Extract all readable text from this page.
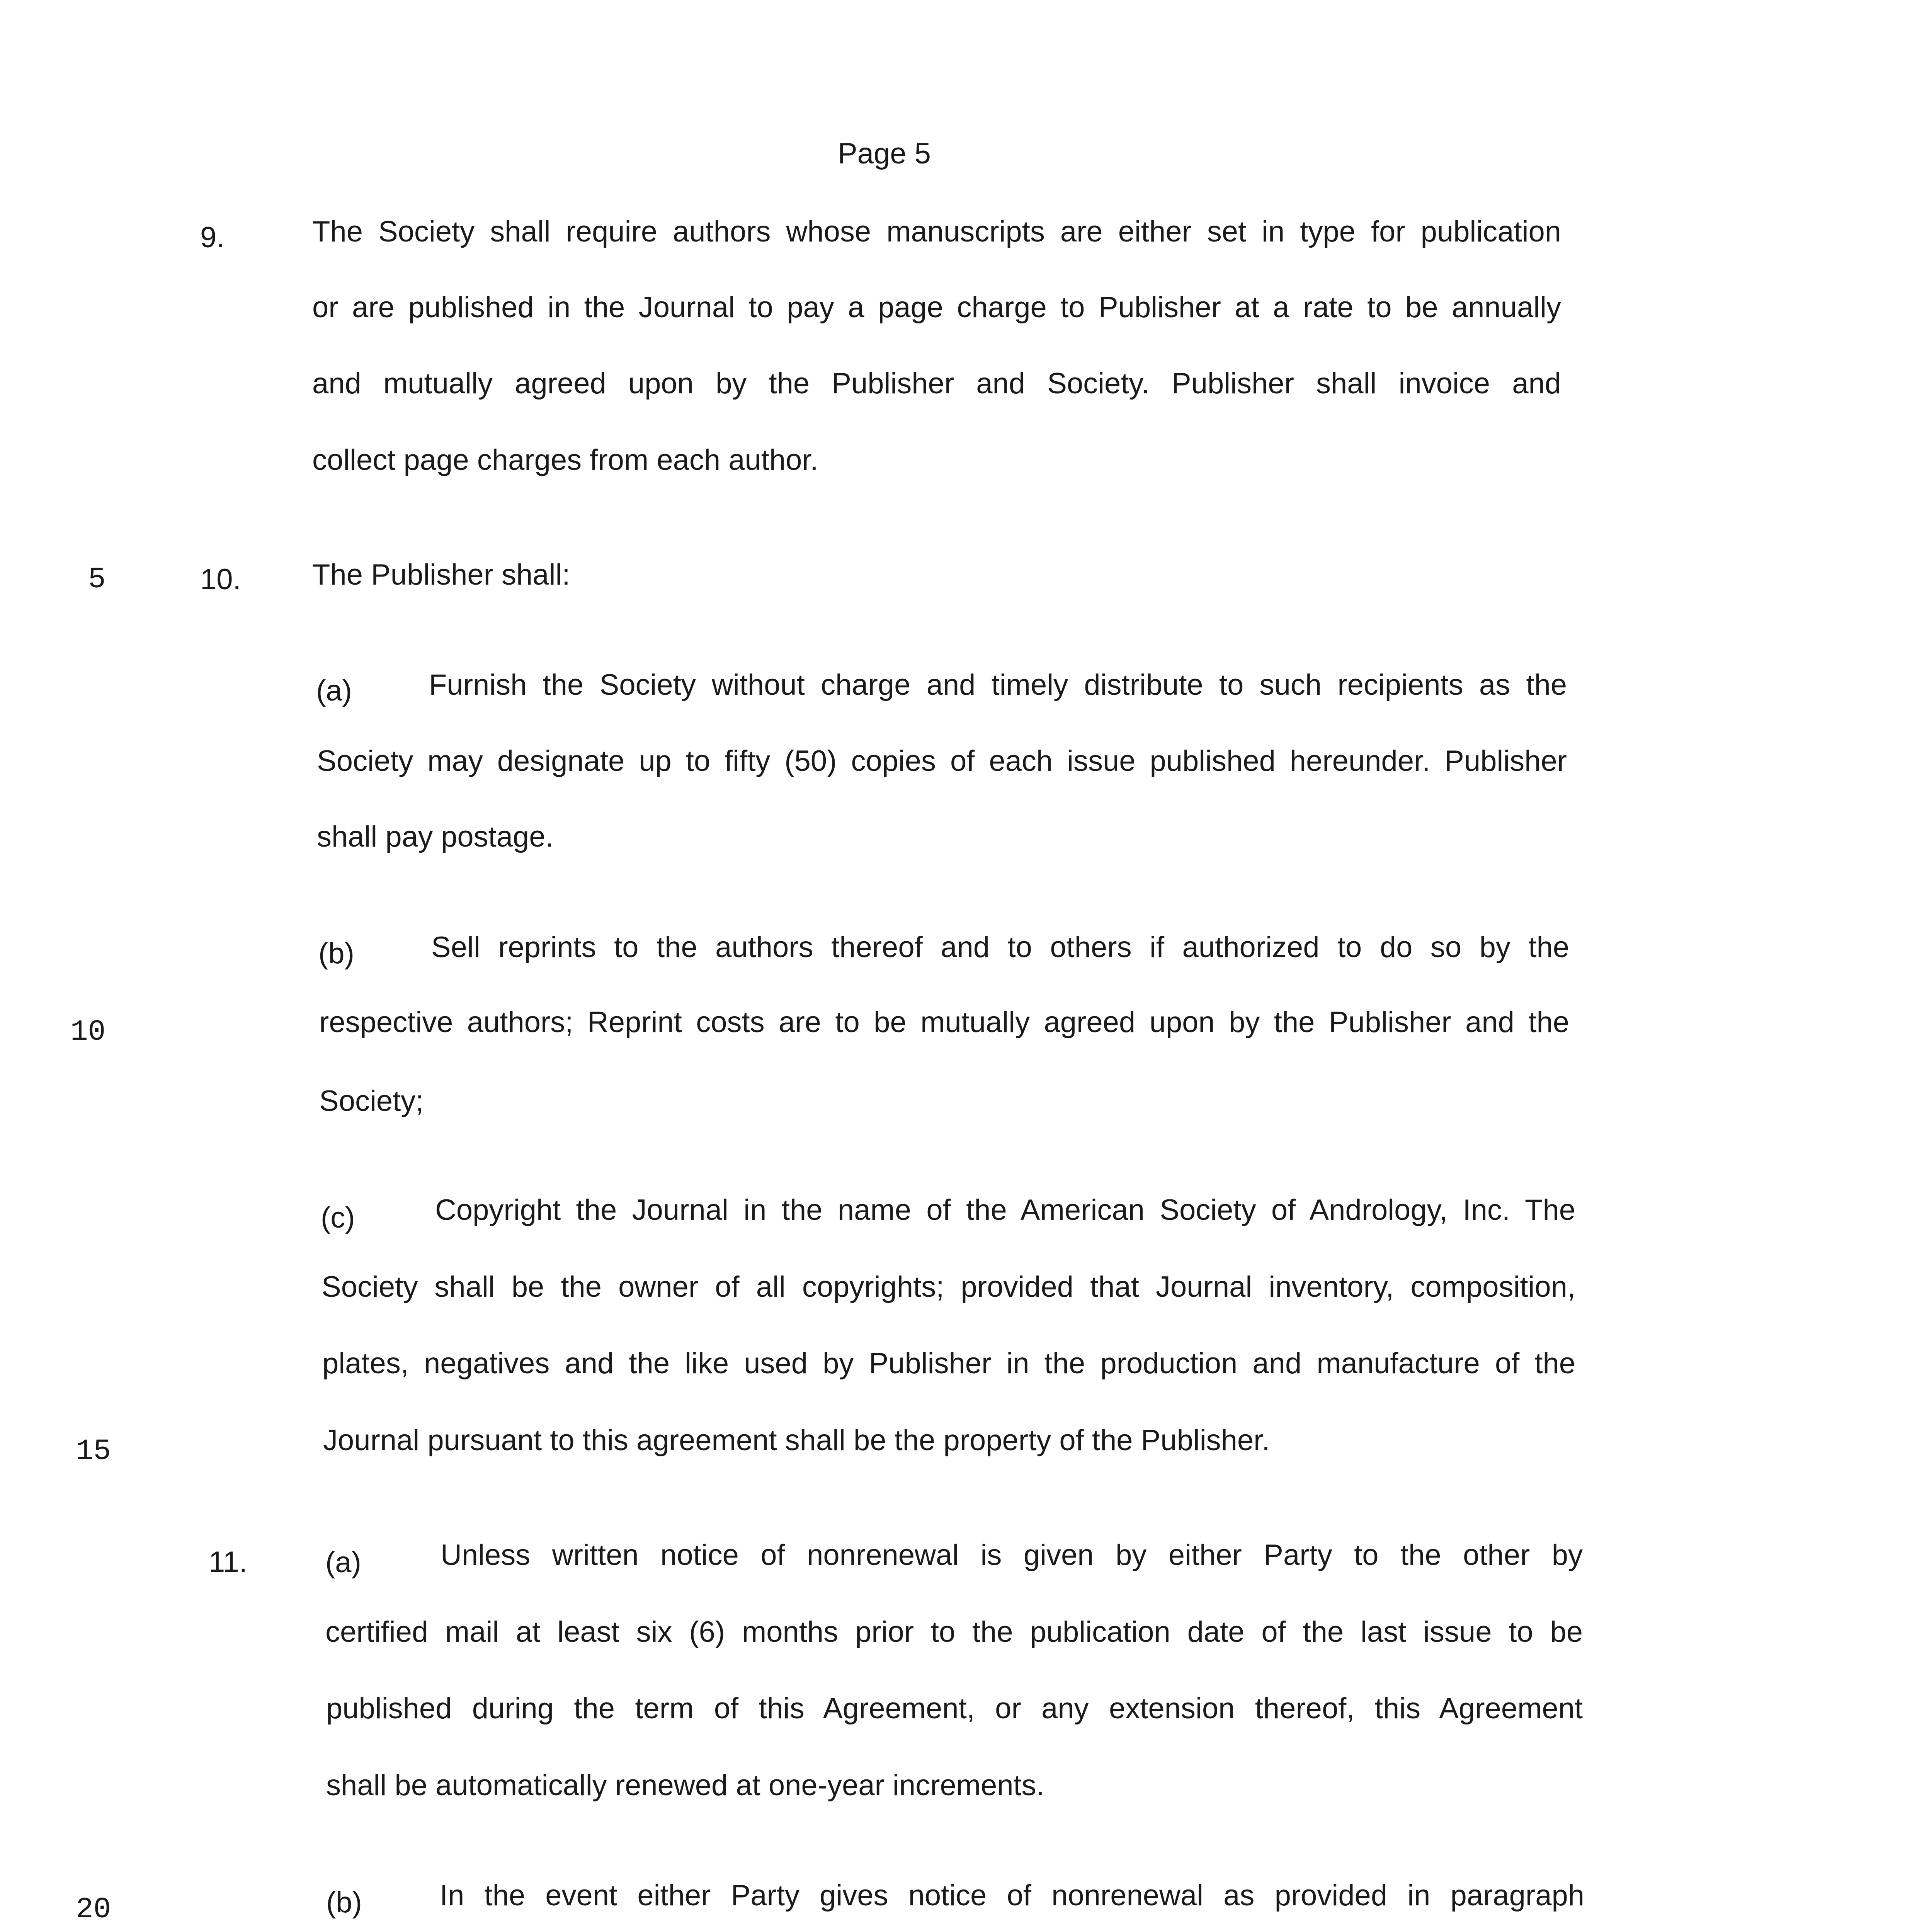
Page 5
5
10
15
20
9.	The Society shall require authors whose manuscripts are either set in type for publication
or are published in the Journal to pay a page charge to Publisher at a rate to be annually
and mutually agreed upon by the Publisher and Society. Publisher shall invoice and
collect page charges from each author.
10. The Publisher shall:
(a)	Furnish the Society without charge and timely distribute to such recipients as the
Society may designate up to fifty (50) copies of each issue published hereunder. Publisher
shall pay postage.
(b)	Sell reprints to the authors thereof and to others if authorized to do so by the
respective authors; Reprint costs are to be mutually agreed upon by the Publisher and the
Society;
(c)	Copyright the Journal in the name of the American Society of Andrology, Inc. The
Society shall be the owner of all copyrights; provided that Journal inventory, composition,
plates, negatives and the like used by Publisher in the production and manufacture of the
Journal pursuant to this agreement shall be the property of the Publisher.
11.	(a)	Unless written notice of nonrenewal is given by either Party to the other by
certified mail at least six (6) months prior to the publication date of the last issue to be
published during the term of this Agreement, or any extension thereof, this Agreement
shall be automatically renewed at one-year increments.
(b)	In the event either Party gives notice of nonrenewal as provided in paragraph
